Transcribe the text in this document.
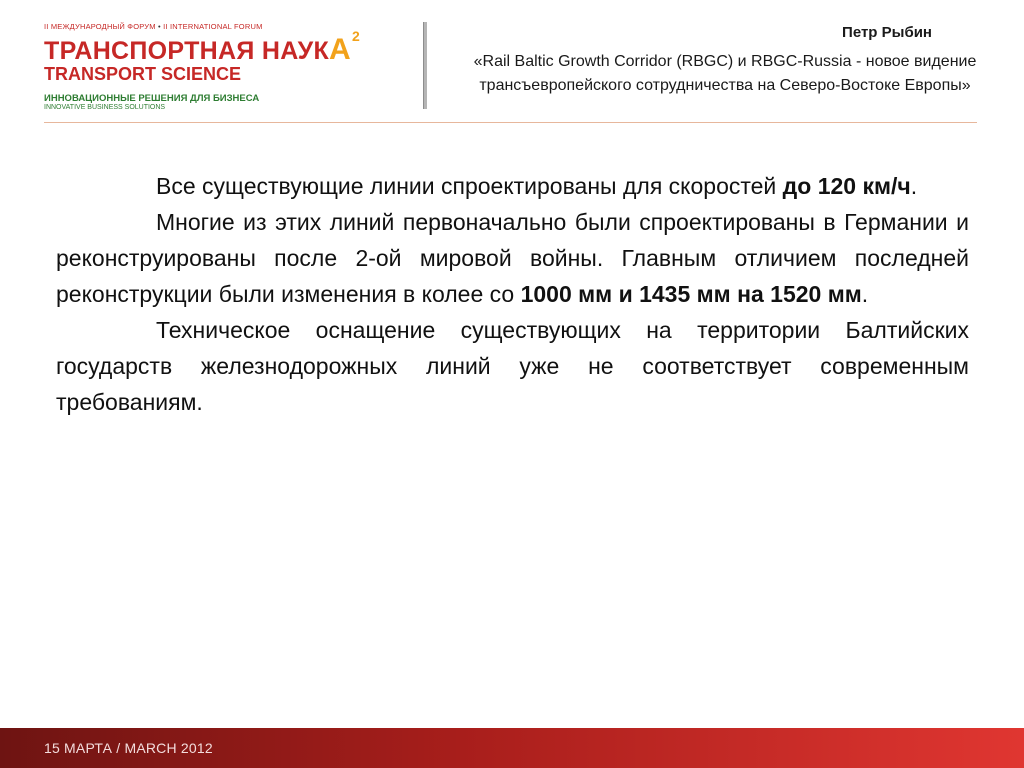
II МЕЖДУНАРОДНЫЙ ФОРУМ • II INTERNATIONAL FORUM
ТРАНСПОРТНАЯ НАУКА 2
TRANSPORT SCIENCE
ИННОВАЦИОННЫЕ РЕШЕНИЯ ДЛЯ БИЗНЕСА
INNOVATIVE BUSINESS SOLUTIONS
Петр Рыбин
«Rail Baltic Growth Corridor (RBGC) и RBGC-Russia - новое видение трансъевропейского сотрудничества на Северо-Востоке Европы»

Все существующие линии спроектированы для скоростей до 120 км/ч.

Многие из этих линий первоначально были спроектированы в Германии и реконструированы после 2-ой мировой войны. Главным отличием последней реконструкции были изменения в колее со 1000 мм и 1435 мм на 1520 мм.

Техническое оснащение существующих на территории Балтийских государств железнодорожных линий уже не соответствует современным требованиям.

15 МАРТА / MARCH 2012
